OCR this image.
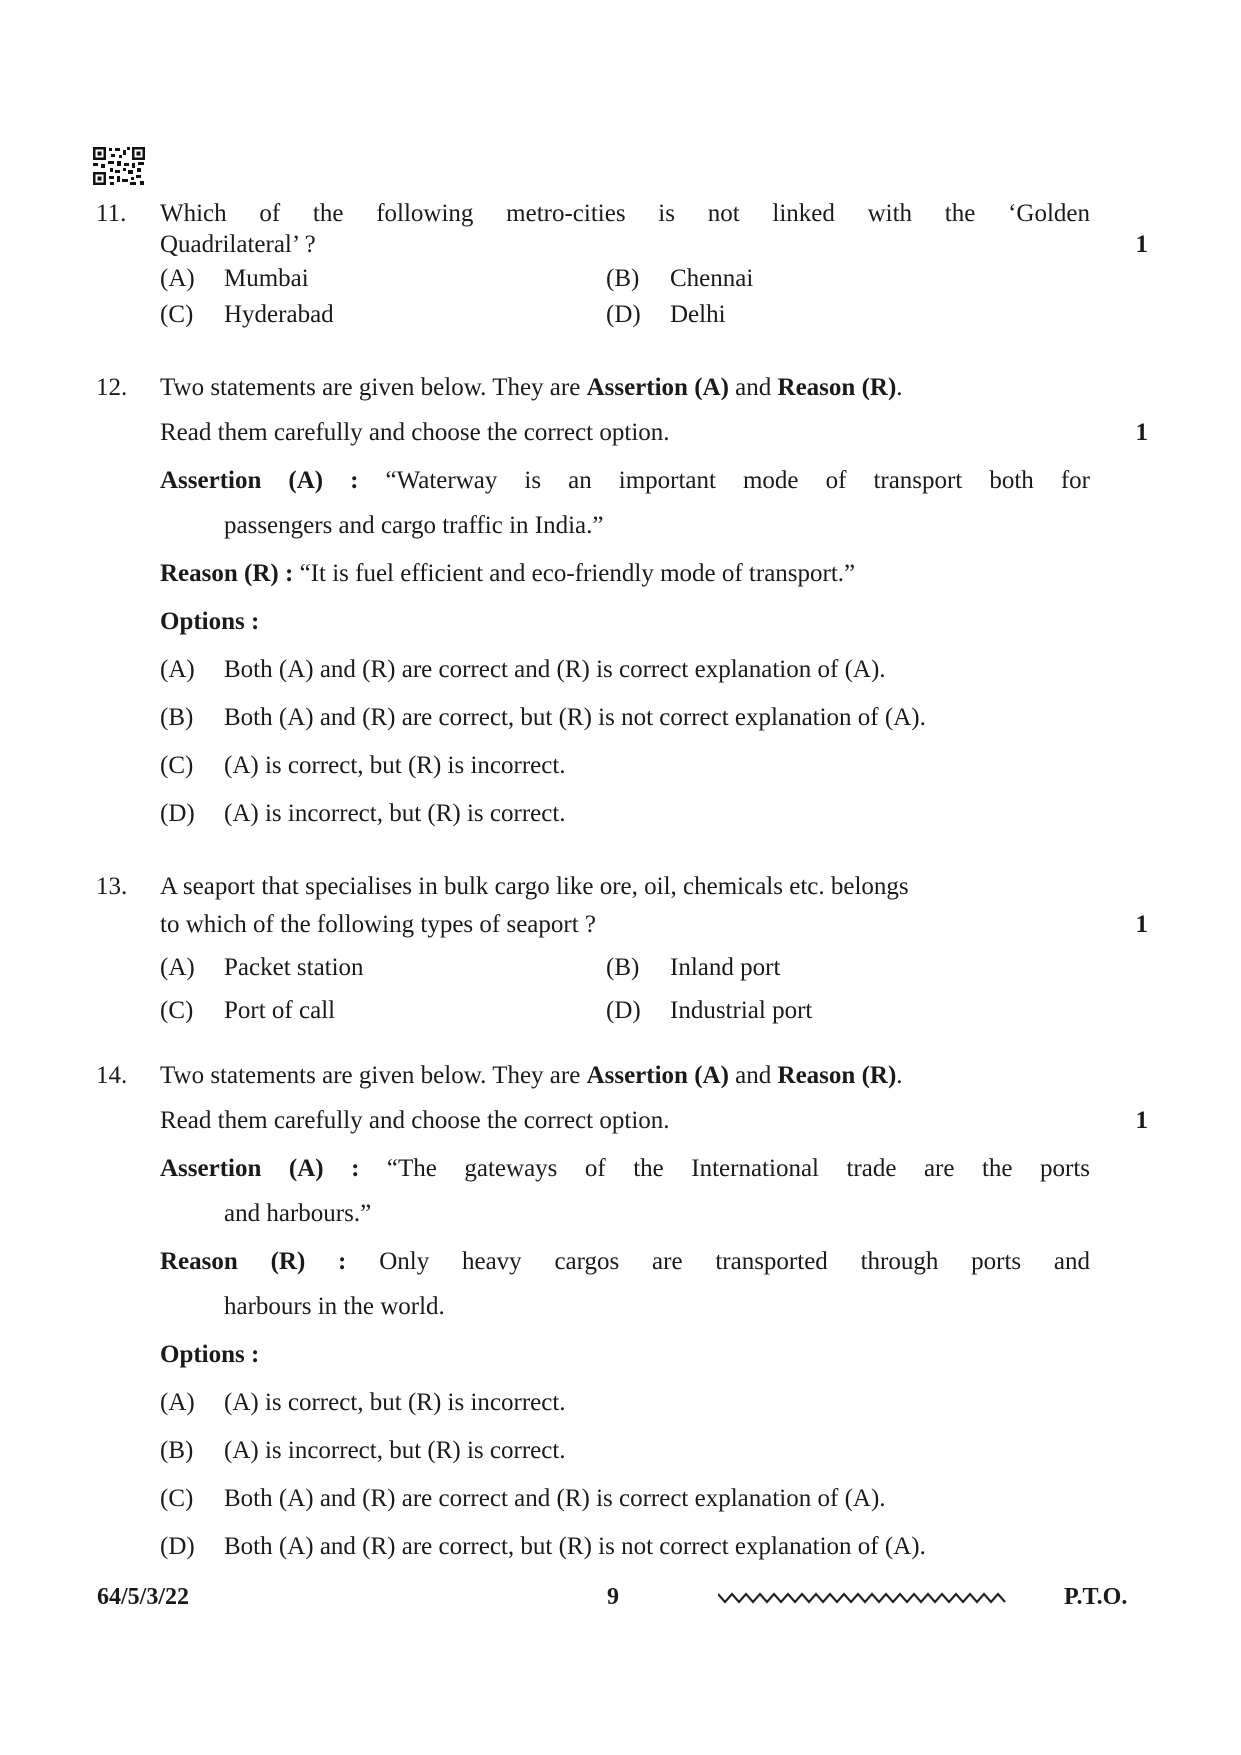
11.	Which of the following metro-cities is not linked with the ‘Golden
Quadrilateral’ ?
(A) Mumbai	(B) Chennai
(C) Hyderabad	(D) Delhi
1
12.	Two statements are given below. They are Assertion (A) and Reason (R).
Read them carefully and choose the correct option.
Assertion (A) : “Waterway is an important mode of transport both for
passengers and cargo traffic in India.”
Reason (R) : “It is fuel efficient and eco-friendly mode of transport.”
Options :
(A) Both (A) and (R) are correct and (R) is correct explanation of (A).
(B) Both (A) and (R) are correct, but (R) is not correct explanation of (A).
(C) (A) is correct, but (R) is incorrect.
(D) (A) is incorrect, but (R) is correct.
1
13.	A seaport that specialises in bulk cargo like ore, oil, chemicals etc. belongs
to which of the following types of seaport ?
(A) Packet station	(B) Inland port
(C) Port of call	(D) Industrial port
1
14.	Two statements are given below. They are Assertion (A) and Reason (R).
Read them carefully and choose the correct option.
Assertion (A) : “The gateways of the International trade are the ports
and harbours.”
Reason (R) : Only heavy cargos are transported through ports and
harbours in the world.
Options :
(A) (A) is correct, but (R) is incorrect.
(B) (A) is incorrect, but (R) is correct.
(C) Both (A) and (R) are correct and (R) is correct explanation of (A).
(D) Both (A) and (R) are correct, but (R) is not correct explanation of (A).
1
64/5/3/22	9	P.T.O.
